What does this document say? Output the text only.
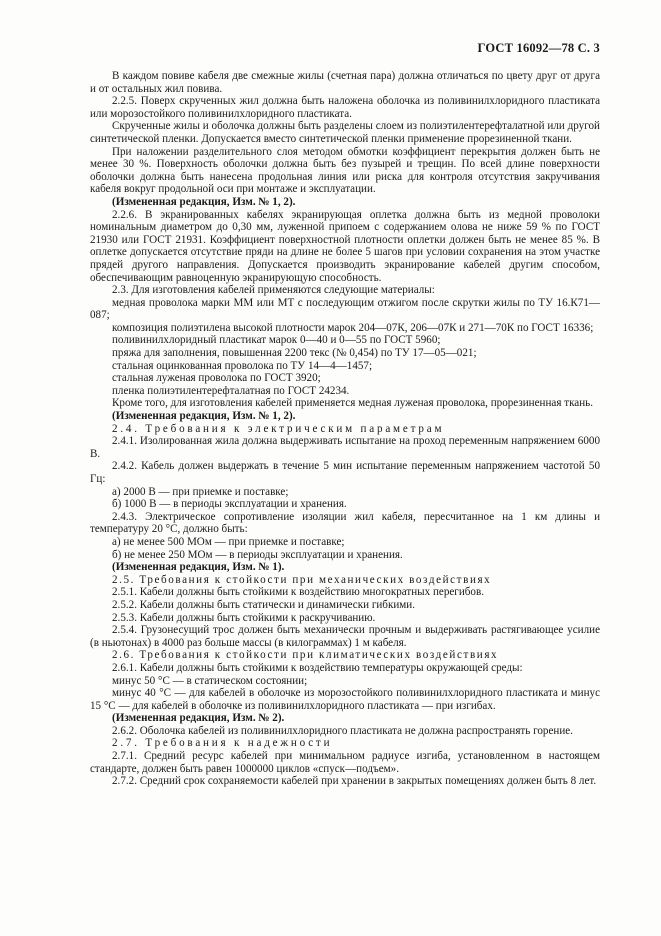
ГОСТ 16092—78 С. 3

В каждом повиве кабеля две смежные жилы (счетная пара) должна отличаться по цвету друг от друга и от остальных жил повива.

2.2.5. Поверх скрученных жил должна быть наложена оболочка из поливинилхлоридного пластиката или морозостойкого поливинилхлоридного пластиката.

Скрученные жилы и оболочка должны быть разделены слоем из полиэтилентерефталатной или другой синтетической пленки. Допускается вместо синтетической пленки применение прорезиненной ткани.

При наложении разделительного слоя методом обмотки коэффициент перекрытия должен быть не менее 30 %. Поверхность оболочки должна быть без пузырей и трещин. По всей длине поверхности оболочки должна быть нанесена продольная линия или риска для контроля отсутствия закручивания кабеля вокруг продольной оси при монтаже и эксплуатации.

(Измененная редакция, Изм. № 1, 2).

2.2.6. В экранированных кабелях экранирующая оплетка должна быть из медной проволоки номинальным диаметром до 0,30 мм, луженной припоем с содержанием олова не ниже 59 % по ГОСТ 21930 или ГОСТ 21931. Коэффициент поверхностной плотности оплетки должен быть не менее 85 %. В оплетке допускается отсутствие пряди на длине не более 5 шагов при условии сохранения на этом участке прядей другого направления. Допускается производить экранирование кабелей другим способом, обеспечивающим равноценную экранирующую способность.

2.3. Для изготовления кабелей применяются следующие материалы:

медная проволока марки ММ или МТ с последующим отжигом после скрутки жилы по ТУ 16.К71—087;

композиция полиэтилена высокой плотности марок 204—07К, 206—07К и 271—70К по ГОСТ 16336;

поливинилхлоридный пластикат марок 0—40 и 0—55 по ГОСТ 5960;

пряжа для заполнения, повышенная 2200 текс (№ 0,454) по ТУ 17—05—021;

стальная оцинкованная проволока по ТУ 14—4—1457;

стальная луженая проволока по ГОСТ 3920;

пленка полиэтилентерефталатная по ГОСТ 24234.

Кроме того, для изготовления кабелей применяется медная луженая проволока, прорезиненная ткань.

(Измененная редакция, Изм. № 1, 2).

2.4. Требования к электрическим параметрам

2.4.1. Изолированная жила должна выдерживать испытание на проход переменным напряжением 6000 В.

2.4.2. Кабель должен выдержать в течение 5 мин испытание переменным напряжением частотой 50 Гц:

а) 2000 В — при приемке и поставке;

б) 1000 В — в периоды эксплуатации и хранения.

2.4.3. Электрическое сопротивление изоляции жил кабеля, пересчитанное на 1 км длины и температуру 20 °С, должно быть:

а) не менее 500 МОм — при приемке и поставке;

б) не менее 250 МОм — в периоды эксплуатации и хранения.

(Измененная редакция, Изм. № 1).

2.5. Требования к стойкости при механических воздействиях

2.5.1. Кабели должны быть стойкими к воздействию многократных перегибов.

2.5.2. Кабели должны быть статически и динамически гибкими.

2.5.3. Кабели должны быть стойкими к раскручиванию.

2.5.4. Грузонесущий трос должен быть механически прочным и выдерживать растягивающее усилие (в ньютонах) в 4000 раз больше массы (в килограммах) 1 м кабеля.

2.6. Требования к стойкости при климатических воздействиях

2.6.1. Кабели должны быть стойкими к воздействию температуры окружающей среды:

минус 50 °С — в статическом состоянии;

минус 40 °С — для кабелей в оболочке из морозостойкого поливинилхлоридного пластиката и минус 15 °С — для кабелей в оболочке из поливинилхлоридного пластиката — при изгибах.

(Измененная редакция, Изм. № 2).

2.6.2. Оболочка кабелей из поливинилхлоридного пластиката не должна распространять горение.

2.7. Требования к надежности

2.7.1. Средний ресурс кабелей при минимальном радиусе изгиба, установленном в настоящем стандарте, должен быть равен 1000000 циклов «спуск—подъем».

2.7.2. Средний срок сохраняемости кабелей при хранении в закрытых помещениях должен быть 8 лет.
